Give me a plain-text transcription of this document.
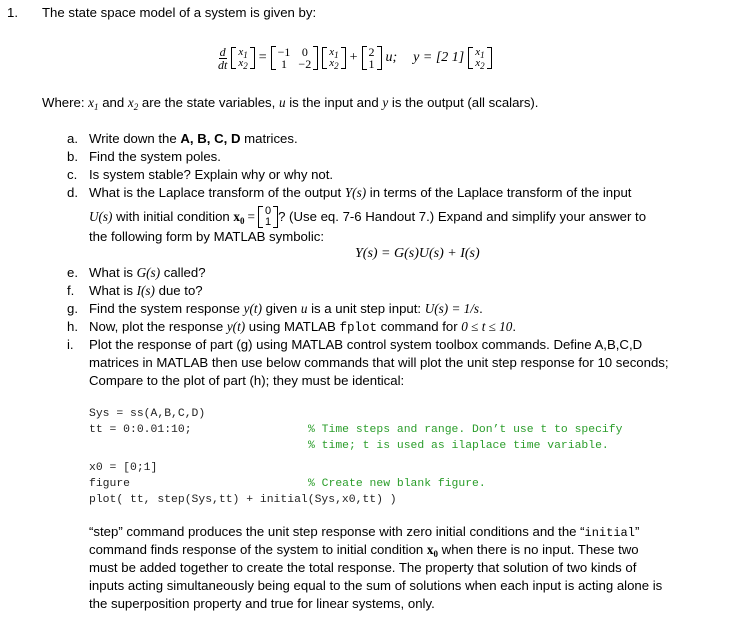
1. The state space model of a system is given by:
$\frac{d}{dt} x_1$
$x_2$
= −1 0
1 −2
$x_1$
$x_2$
+ 2
1 u; y = [2 1] $x_1$
$x_2$
Where: $x_1$ and $x_2$ are the state variables, u is the input and y is the output (all scalars).
a. Write down the A, B, C, D matrices.
b. Find the system poles.
c. Is system stable? Explain why or why not.
d. What is the Laplace transform of the output Y(s) in terms of the Laplace transform of the input
U(s) with initial condition $x_0 = 0$
1 ? (Use eq. 7-6 Handout 7.) Expand and simplify your answer to
the following form by MATLAB symbolic:
Y(s) = G(s)U(s) + I(s)
e. What is G(s) called?
f. What is I(s) due to?
g. Find the system response y(t) given u is a unit step input: U(s) = 1/s.
h. Now, plot the response y(t) using MATLAB fplot command for 0 ≤ t ≤ 10.
i. Plot the response of part (g) using MATLAB control system toolbox commands. Define A,B,C,D
matrices in MATLAB then use below commands that will plot the unit step response for 10 seconds;
Compare to the plot of part (h); they must be identical:
Sys = ss(A,B,C,D)
tt = 0:0.01:10;	% Time steps and range. Don’t use t to specify
% time; t is used as ilaplace time variable.
x0 = [0;1]
figure	% Create new blank figure.
plot( tt, step(Sys,tt) + initial(Sys,x0,tt) )
“step” command produces the unit step response with zero initial conditions and the “initial”
command finds response of the system to initial condition $x_0$ when there is no input. These two
must be added together to create the total response. The property that solution of two kinds of
inputs acting simultaneously being equal to the sum of solutions when each input is acting alone is
the superposition property and true for linear systems, only.
